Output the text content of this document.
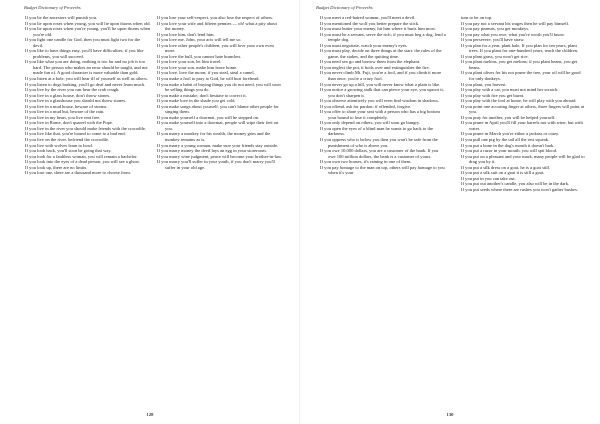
Budget Dictionary of Proverbs

If you lie the ancestors will punish you.

If you lie upon roses when young, you will lie upon thorns when old.

If you lie upon roses when you're young, you'll lie upon thorns when you're old.

If you light one candle for God, then you must light two for the devil.

If you like to have things easy, you'll have difficulties; if you like problems, you will succeed.

If you like what you are doing, nothing is too far and no job is too hard. The person who makes an error should be taught, and not made fun of. A good character is more valuable than gold.

If you listen at a hole, you will hear ill of yourself as well as others.

If you listen to dogs barking, you'll go deaf and never learn much.

If you live by the river you can hear the crab cough.

If you live in a glass house, don't throw stones.

If you live in a glasshouse you should not throw stones.

If you live in a mud house, beware of storms.

If you live in a mud hut, beware of the rain.

If you live in my heart, you live rent free.

If you live in Rome, don't quarrel with the Pope.

If you live in the river you should make friends with the crocodile.

If you live like that, you're bound to come to a bad end.

If you live on the river, befriend the crocodile.

If you live with wolves learn to howl.

If you look back, you'll soon be going that way.

If you look for a faultless woman, you will remain a bachelor.

If you look into the eyes of a dead person, you will see a ghost.

If you look up, there are no limits.

If you lose one, there are a thousand more to choose from.

If you lose your self-respect, you also lose the respect of others.

If you love your wife and fifteen pennies — oh! what a pity about the money.

If you love him, don't lend him.

If you love me, John, your acts will tell me so.

If you love other people's children, you will love your own even more.

If you love the bull, you cannot hate branches.

If you love your son, let him travel.

If you love your son, make him leave home.

If you love, love the moon; if you steal, steal a camel.

If you make a fool to pray to God, he will hurt forehead.

If you make a habit of buying things you do not need, you will soon be selling things you do.

If you make a mistake, don't hesitate to correct it.

If you make love in the shade you get cold.

If you make songs about yourself, you can't blame other people for singing them.

If you make yourself a doormat, you will be stepped on.

If you make yourself into a doormat, people will wipe their feet on you.

If you marry a monkey for his wealth, the money goes and the monkey remains as is.

If you marry a young woman, make sure your friends stay outside.

If you marry money the devil lays an egg in your storeroom.

If you marry wine judgment, peace will become your brother-in-law.

If you marry you'll suffer in your youth, if you don't marry you'll suffer in your old age.

128
Budget Dictionary of Proverbs

If you meet a red-haired woman, you'll meet a devil.

If you mentioned the wolf you better prepare the stick.

If you must butter your enemy, hit him where it hurts him most.

If you must be a servant, serve the rich; if you must beg a dog, lend a temple dog.

If you must negotiate, watch your enemy's eyes.

If you must play, decide on three things at the start: the rules of the game, the stakes, and the quitting time.

If you need sex go and borrow them from the elephant.

If you neglect the pot, it boils over and extinguishes the fire.

If you never climb Mt. Fuji, you're a fool, and if you climb it more than once, you're a crazy fool.

If you never go up a hill, you will never know what a plain is like.

If you notice a growing stalk that can pierce your eye, you uproot it, you don't sharpen it.

If you observe attentively you will even find wisdom in shadows.

If you offend, ask for pardon; if offended, forgive.

If you offer to share your seat with a person who has a big bottom your bound to lose it completely.

If you only depend on others, you will soon go hungry.

If you open the eyes of a blind man he wants to go back to the darkness.

If you oppress who is below you then you won't be safe from the punishment of who is above you.

If you owe 10,000 dollars, you are a customer of the bank. If you owe 100 million dollars, the bank is a customer of yours.

If you own two houses, it's raining in one of them.

If you pay homage to the man on top, others will pay homage to you when it's your

turn to be on top.

If you pay not a servant his wages then he will pay himself.

If you pay peanuts, you get monkeys.

If you pay what you owe, what you're worth you'll know.

If you persevere, you'll have straw.

If you plan for a year, plant kale. If you plan for ten years, plant trees. If you plant for one-hundred years, teach the children.

If you plant grass, you won't get rice.

If you plant melons, you get melons; if you plant beans, you get beans.

If you plant olives for his not prune the tree, your oil will be good for only donkeys.

If you plant, you harvest.

If you play with a cat, you must not mind her scratch.

If you play with fire you get burnt.

If you play with the fool at home, he will play with you abroad.

If you point one accusing finger at others, three fingers will point at you.

If you pray for another, you will be helped yourself.

If you prune in April you'll fill your barrels not with wine, but with water.

If you prune in March you're either a jackass or crazy.

If you pull one pig by the tail all the rest squeak.

If you put a bone in the dog's mouth it doesn't bark.

If you put a razor in your mouth, you will spit blood.

If you put on a pleasant and your mask, many people will be glad to drag you by it.

If you put a silk dress on a goat, he is a goat still.

If you put a silk suit on a goat it is still a goat.

If you put in you can take out.

If you put out another's candle, you also will be in the dark.

If you put seeds where there are rushes you won't gather bushes.

130
